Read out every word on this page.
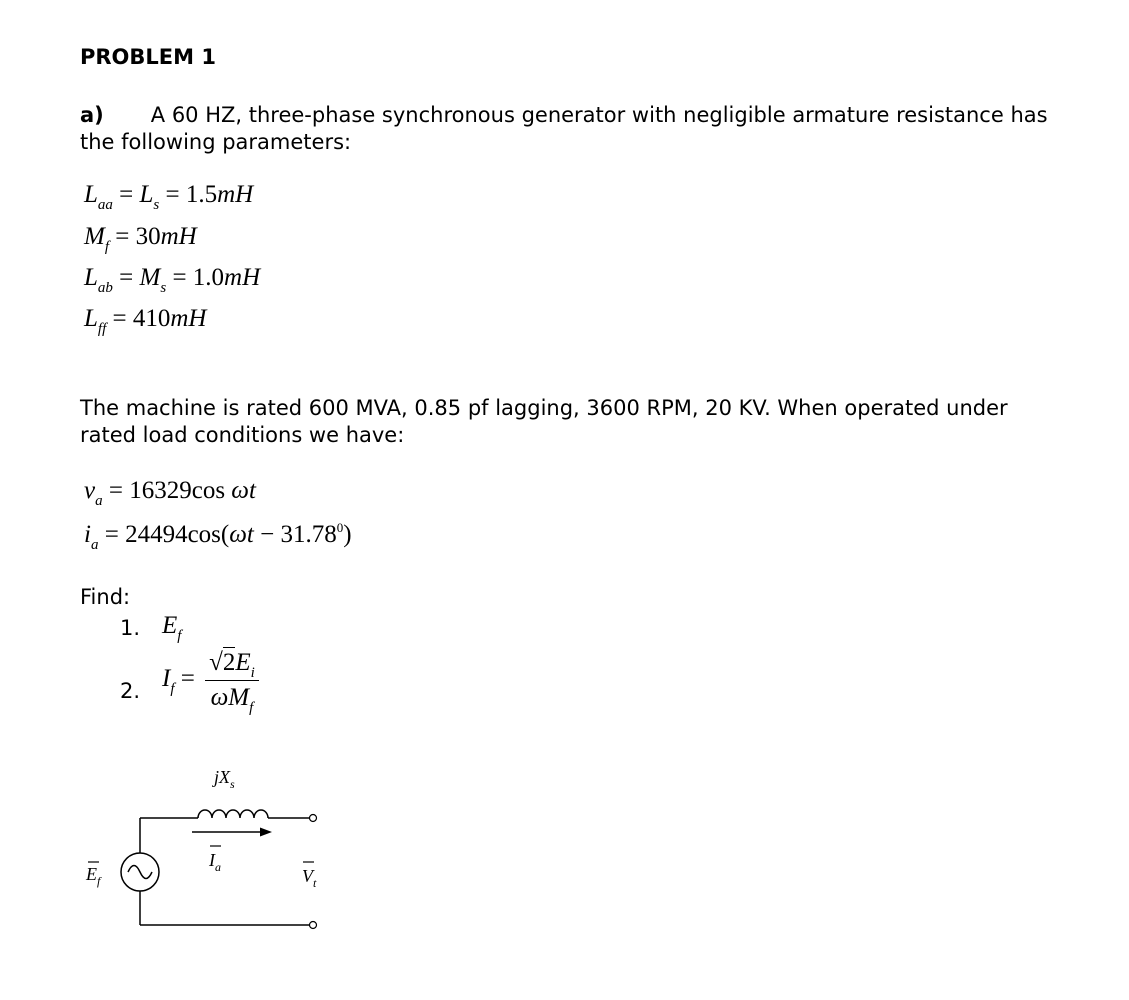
PROBLEM 1
a) A 60 HZ, three-phase synchronous generator with negligible armature resistance has
the following parameters:
$L_{aa} = L_s = 1.5mH$
$M_f = 30mH$
$L_{ab} = M_s = 1.0mH$
$L_{ff} = 410mH$
The machine is rated 600 MVA, 0.85 pf lagging, 3600 RPM, 20 KV. When operated under
rated load conditions we have:
$v_a = 16329\cos$ ωt
$i_a = 24494\cos(\omega t - 31.78^0)$
Find:
1. $E_f$
2. $I_f = \frac{√2E_i}{\omega M_f}$
$jX_s$
$I_a$
$E_f$	$V_t$
